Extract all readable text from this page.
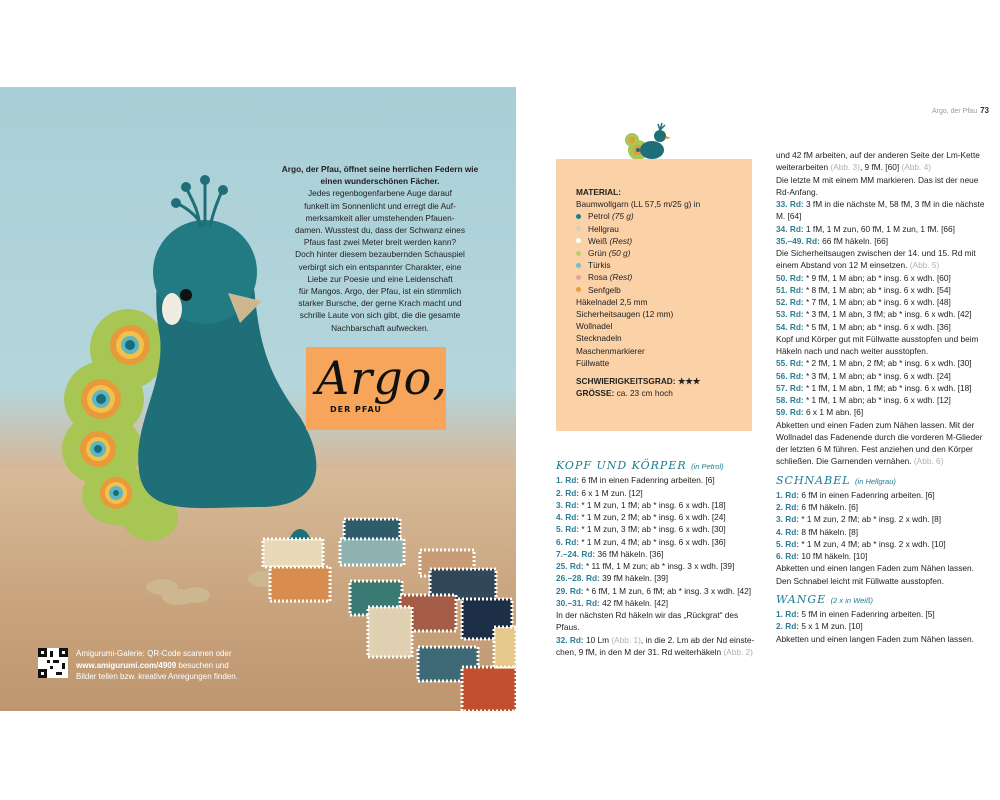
Argo, der Pfau, öffnet seine herrlichen Federn wie einen wunderschönen Fächer.
Jedes regenbogenfarbene Auge darauf
funkelt im Sonnenlicht und erregt die Auf-
merksamkeit aller umstehenden Pfauen-
damen. Wusstest du, dass der Schwanz eines
Pfaus fast zwei Meter breit werden kann?
Doch hinter diesem bezaubernden Schauspiel
verbirgt sich ein entspannter Charakter, eine
Liebe zur Poesie und eine Leidenschaft
für Mangos. Argo, der Pfau, ist ein stimmlich
starker Bursche, der gerne Krach macht und
schrille Laute von sich gibt, die die gesamte
Nachbarschaft aufwecken.
Argo,
DER PFAU
Amigurumi-Galerie: QR-Code scannen oder
www.amigurumi.com/4909 besuchen und
Bilder teilen bzw. kreative Anregungen finden.
Argo, der Pfau 73
MATERIAL:
Baumwollgarn (LL 57,5 m/25 g) in
Petrol
(75 g)
Hellgrau
Weiß
(Rest)
Grün
(50 g)
Türkis
Rosa
(Rest)
Senfgelb
Häkelnadel 2,5 mm
Sicherheitsaugen (12 mm)
Wollnadel
Stecknadeln
Maschenmarkierer
Füllwatte
SCHWIERIGKEITSGRAD: ★★★
GRÖSSE: ca. 23 cm hoch
KOPF UND KÖRPER (in Petrol)

1. Rd: 6 fM in einen Fadenring arbeiten. [6]

2. Rd: 6 x 1 M zun. [12]

3. Rd: * 1 M zun, 1 fM; ab * insg. 6 x wdh. [18]

4. Rd: * 1 M zun, 2 fM; ab * insg. 6 x wdh. [24]

5. Rd: * 1 M zun, 3 fM; ab * insg. 6 x wdh. [30]

6. Rd: * 1 M zun, 4 fM; ab * insg. 6 x wdh. [36]

7.–24. Rd: 36 fM häkeln. [36]

25. Rd: * 11 fM, 1 M zun; ab * insg. 3 x wdh. [39]

26.–28. Rd: 39 fM häkeln. [39]

29. Rd: * 6 fM, 1 M zun, 6 fM; ab * insg. 3 x wdh. [42]

30.–31. Rd: 42 fM häkeln. [42]

In der nächsten Rd häkeln wir das „Rückgrat“ des

Pfaus.

32. Rd: 10 Lm (Abb. 1), in die 2. Lm ab der Nd einste-

chen, 9 fM, in den M der 31. Rd weiterhäkeln (Abb. 2)

und 42 fM arbeiten, auf der anderen Seite der Lm-Kette

weiterarbeiten (Abb. 3), 9 fM. [60] (Abb. 4)

Die letzte M mit einem MM markieren. Das ist der neue

Rd-Anfang.

33. Rd: 3 fM in die nächste M, 58 fM, 3 fM in die nächste

M. [64]

34. Rd: 1 fM, 1 M zun, 60 fM, 1 M zun, 1 fM. [66]

35.–49. Rd: 66 fM häkeln. [66]

Die Sicherheitsaugen zwischen der 14. und 15. Rd mit

einem Abstand von 12 M einsetzen. (Abb. 5)

50. Rd: * 9 fM, 1 M abn; ab * insg. 6 x wdh. [60]

51. Rd: * 8 fM, 1 M abn; ab * insg. 6 x wdh. [54]

52. Rd: * 7 fM, 1 M abn; ab * insg. 6 x wdh. [48]

53. Rd: * 3 fM, 1 M abn, 3 fM; ab * insg. 6 x wdh. [42]

54. Rd: * 5 fM, 1 M abn; ab * insg. 6 x wdh. [36]

Kopf und Körper gut mit Füllwatte ausstopfen und beim

Häkeln nach und nach weiter ausstopfen.

55. Rd: * 2 fM, 1 M abn, 2 fM; ab * insg. 6 x wdh. [30]

56. Rd: * 3 fM, 1 M abn; ab * insg. 6 x wdh. [24]

57. Rd: * 1 fM, 1 M abn, 1 fM; ab * insg. 6 x wdh. [18]

58. Rd: * 1 fM, 1 M abn; ab * insg. 6 x wdh. [12]

59. Rd: 6 x 1 M abn. [6]

Abketten und einen Faden zum Nähen lassen. Mit der

Wollnadel das Fadenende durch die vorderen M-Glieder

der letzten 6 M führen. Fest anziehen und den Körper

schließen. Die Garnenden vernähen. (Abb. 6)

SCHNABEL (in Hellgrau)

1. Rd: 6 fM in einen Fadenring arbeiten. [6]

2. Rd: 6 fM häkeln. [6]

3. Rd: * 1 M zun, 2 fM; ab * insg. 2 x wdh. [8]

4. Rd: 8 fM häkeln. [8]

5. Rd: * 1 M zun, 4 fM; ab * insg. 2 x wdh. [10]

6. Rd: 10 fM häkeln. [10]

Abketten und einen langen Faden zum Nähen lassen.

Den Schnabel leicht mit Füllwatte ausstopfen.

WANGE (2 x in Weiß)

1. Rd: 5 fM in einen Fadenring arbeiten. [5]

2. Rd: 5 x 1 M zun. [10]

Abketten und einen langen Faden zum Nähen lassen.
